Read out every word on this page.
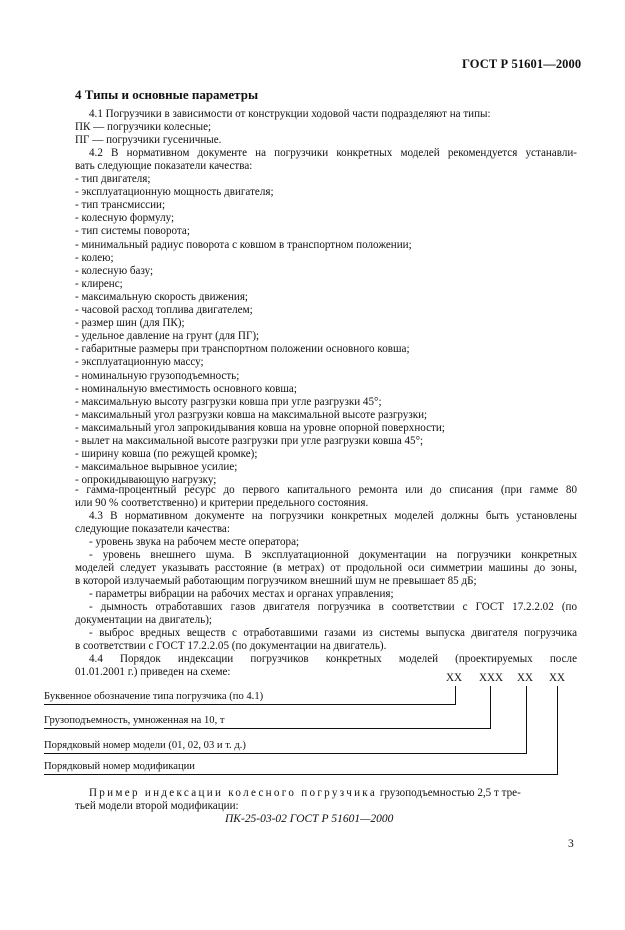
ГОСТ Р 51601—2000
4 Типы и основные параметры
4.1 Погрузчики в зависимости от конструкции ходовой части подразделяют на типы:
ПК — погрузчики колесные;
ПГ — погрузчики гусеничные.
4.2 В нормативном документе на погрузчики конкретных моделей рекомендуется устанавли-
вать следующие показатели качества:
- тип двигателя;
- эксплуатационную мощность двигателя;
- тип трансмиссии;
- колесную формулу;
- тип системы поворота;
- минимальный радиус поворота с ковшом в транспортном положении;
- колею;
- колесную базу;
- клиренс;
- максимальную скорость движения;
- часовой расход топлива двигателем;
- размер шин (для ПК);
- удельное давление на грунт (для ПГ);
- габаритные размеры при транспортном положении основного ковша;
- эксплуатационную массу;
- номинальную грузоподъемность;
- номинальную вместимость основного ковша;
- максимальную высоту разгрузки ковша при угле разгрузки 45°;
- максимальный угол разгрузки ковша на максимальной высоте разгрузки;
- максимальный угол запрокидывания ковша на уровне опорной поверхности;
- вылет на максимальной высоте разгрузки при угле разгрузки ковша 45°;
- ширину ковша (по режущей кромке);
- максимальное вырывное усилие;
- опрокидывающую нагрузку;
- гамма-процентный ресурс до первого капитального ремонта или до списания (при гамме 80
или 90 % соответственно) и критерии предельного состояния.
4.3 В нормативном документе на погрузчики конкретных моделей должны быть установлены
следующие показатели качества:
- уровень звука на рабочем месте оператора;
- уровень внешнего шума. В эксплуатационной документации на погрузчики конкретных
моделей следует указывать расстояние (в метрах) от продольной оси симметрии машины до зоны,
в которой излучаемый работающим погрузчиком внешний шум не превышает 85 дБ;
- параметры вибрации на рабочих местах и органах управления;
- дымность отработавших газов двигателя погрузчика в соответствии с ГОСТ 17.2.2.02 (по
документации на двигатель);
- выброс вредных веществ с отработавшими газами из системы выпуска двигателя погрузчика
в соответствии с ГОСТ 17.2.2.05 (по документации на двигатель).
4.4 Порядок индексации погрузчиков конкретных моделей (проектируемых после
01.01.2001 г.) приведен на схеме:	ХХ ХХХ ХХ ХХ
Буквенное обозначение типа погрузчика (по 4.1)
Грузоподъемность, умноженная на 10, т
Порядковый номер модели (01, 02, 03 и т. д.)
Порядковый номер модификации
Пример индексации колесного погрузчика грузоподъемностью 2,5 т тре-
тьей модели второй модификации:
ПК-25-03-02 ГОСТ Р 51601—2000
3
